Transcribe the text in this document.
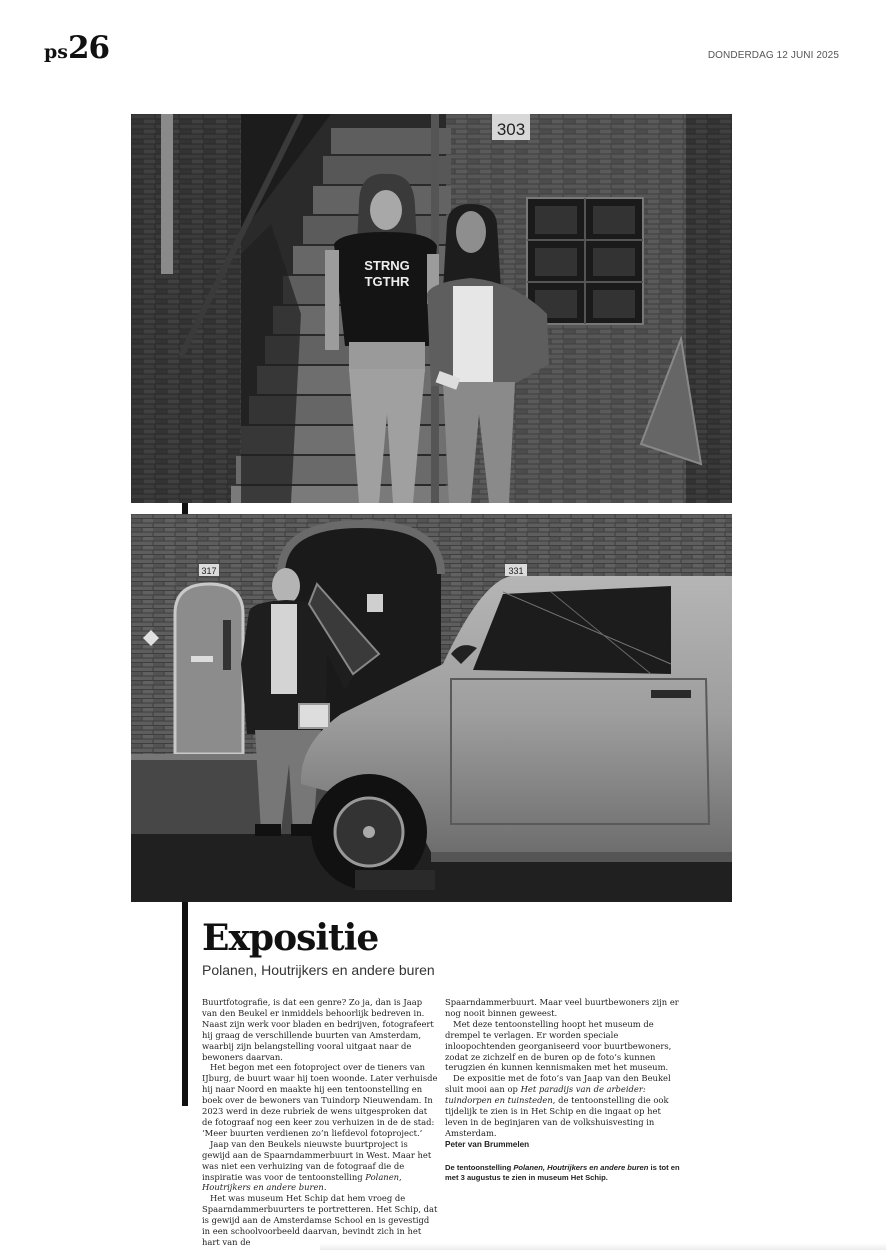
ps26	DONDERDAG 12 JUNI 2025
303
STRNG
TGTHR
317	331
Expositie

Polanen, Houtrijkers en andere buren

Buurtfotografie, is dat een genre? Zo ja, dan is Jaap van den Beukel er inmiddels behoorlijk bedreven in. Naast zijn werk voor bladen en bedrijven, fotografeert hij graag de verschillende buurten van Amsterdam, waarbij zijn belangstelling vooral uitgaat naar de bewoners daarvan.

Het begon met een fotoproject over de tieners van IJburg, de buurt waar hij toen woonde. Later verhuisde hij naar Noord en maakte hij een tentoonstelling en boek over de bewoners van Tuindorp Nieuwendam. In 2023 werd in deze rubriek de wens uitgesproken dat de fotograaf nog een keer zou verhuizen in de de stad: ‘Meer buurten verdienen zo’n liefdevol fotoproject.’

Jaap van den Beukels nieuwste buurtproject is gewijd aan de Spaarndammerbuurt in West. Maar het was niet een verhuizing van de fotograaf die de inspiratie was voor de tentoonstelling Polanen, Houtrijkers en andere buren.

Het was museum Het Schip dat hem vroeg de Spaarndammerbuurters te portretteren. Het Schip, dat is gewijd aan de Amsterdamse School en is gevestigd in een schoolvoorbeeld daarvan, bevindt zich in het hart van de

Spaarndammerbuurt. Maar veel buurtbewoners zijn er nog nooit binnen geweest.

Met deze tentoonstelling hoopt het museum de drempel te verlagen. Er worden speciale inloopochtenden georganiseerd voor buurtbewoners, zodat ze zichzelf en de buren op de foto’s kunnen terugzien én kunnen kennismaken met het museum.

De expositie met de foto’s van Jaap van den Beukel sluit mooi aan op Het paradijs van de arbeider: tuindorpen en tuinsteden, de tentoonstelling die ook tijdelijk te zien is in Het Schip en die ingaat op het leven in de beginjaren van de volkshuisvesting in Amsterdam.

Peter van Brummelen

De tentoonstelling Polanen, Houtrijkers en andere buren is tot en met 3 augustus te zien in museum Het Schip.
